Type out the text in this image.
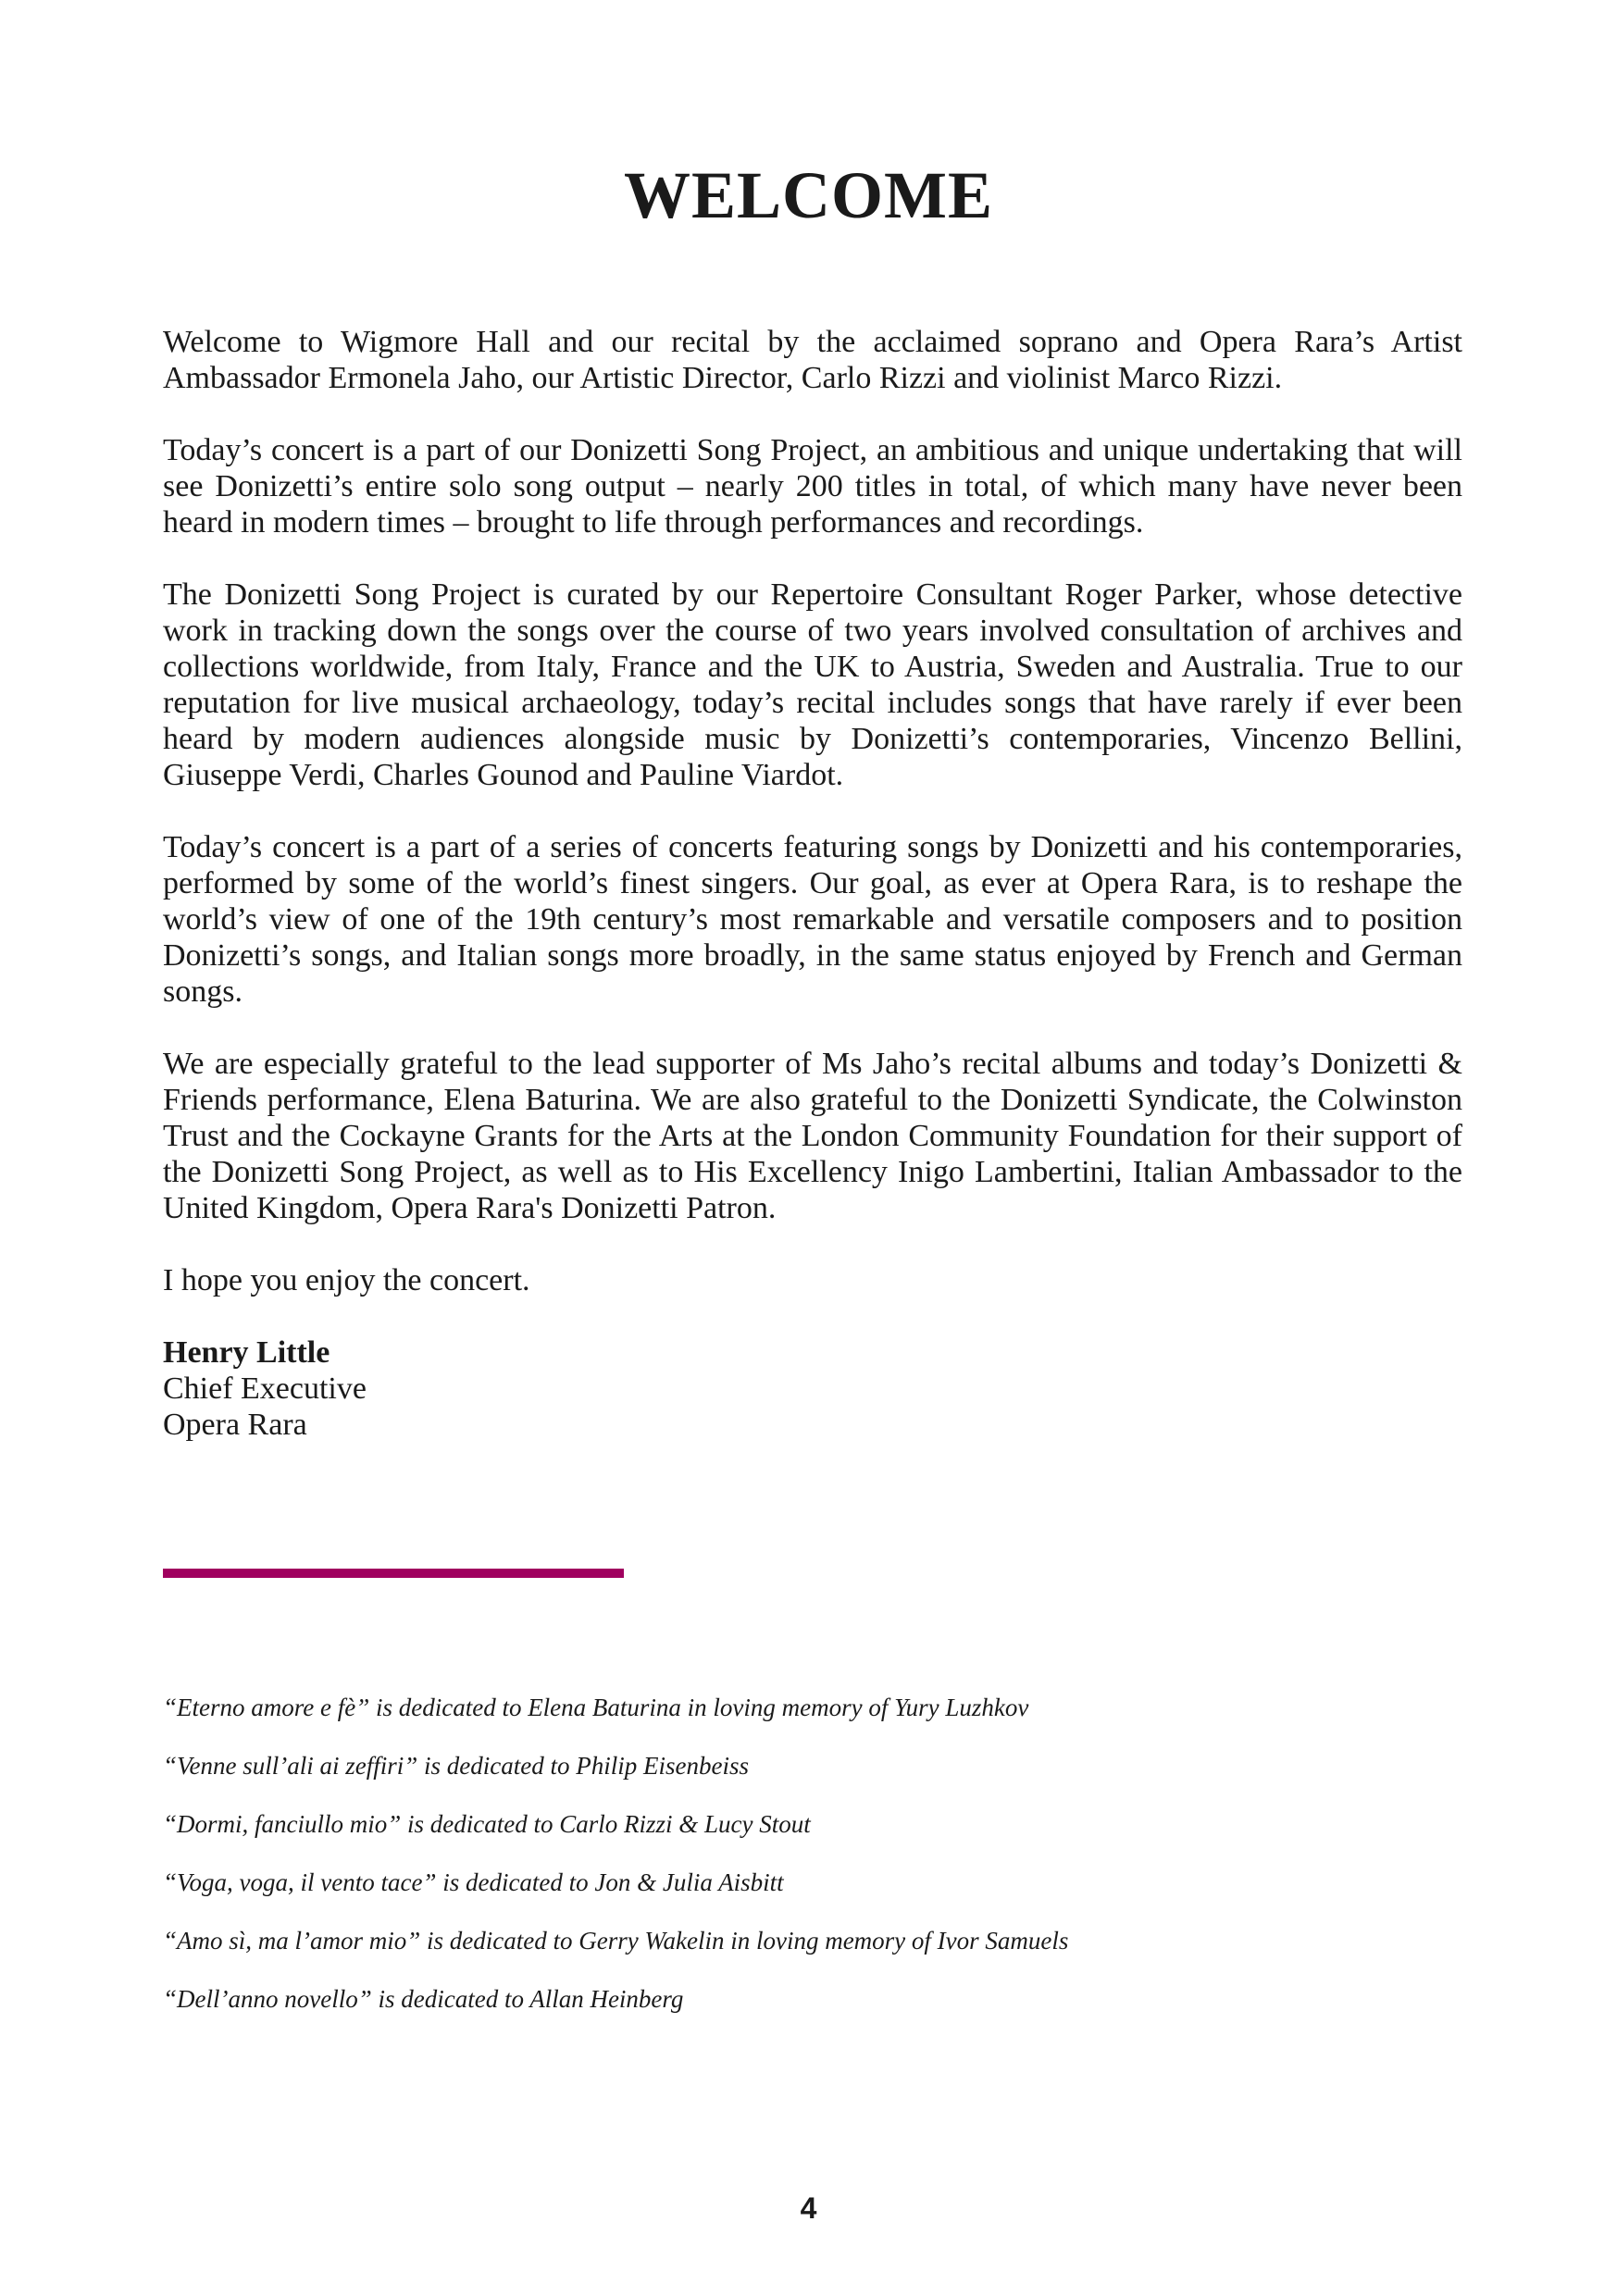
WELCOME

Welcome to Wigmore Hall and our recital by the acclaimed soprano and Opera Rara’s Artist Ambassador Ermonela Jaho, our Artistic Director, Carlo Rizzi and violinist Marco Rizzi.

Today’s concert is a part of our Donizetti Song Project, an ambitious and unique undertaking that will see Donizetti’s entire solo song output – nearly 200 titles in total, of which many have never been heard in modern times – brought to life through performances and recordings.

The Donizetti Song Project is curated by our Repertoire Consultant Roger Parker, whose detective work in tracking down the songs over the course of two years involved consultation of archives and collections worldwide, from Italy, France and the UK to Austria, Sweden and Australia. True to our reputation for live musical archaeology, today’s recital includes songs that have rarely if ever been heard by modern audiences alongside music by Donizetti’s contemporaries, Vincenzo Bellini, Giuseppe Verdi, Charles Gounod and Pauline Viardot.

Today’s concert is a part of a series of concerts featuring songs by Donizetti and his contemporaries, performed by some of the world’s finest singers. Our goal, as ever at Opera Rara, is to reshape the world’s view of one of the 19th century’s most remarkable and versatile composers and to position Donizetti’s songs, and Italian songs more broadly, in the same status enjoyed by French and German songs.

We are especially grateful to the lead supporter of Ms Jaho’s recital albums and today’s Donizetti & Friends performance, Elena Baturina. We are also grateful to the Donizetti Syndicate, the Colwinston Trust and the Cockayne Grants for the Arts at the London Community Foundation for their support of the Donizetti Song Project, as well as to His Excellency Inigo Lambertini, Italian Ambassador to the United Kingdom, Opera Rara's Donizetti Patron.

I hope you enjoy the concert.

Henry Little
Chief Executive
Opera Rara
“Eterno amore e fè” is dedicated to Elena Baturina in loving memory of Yury Luzhkov
“Venne sull’ali ai zeffiri” is dedicated to Philip Eisenbeiss
“Dormi, fanciullo mio” is dedicated to Carlo Rizzi & Lucy Stout
“Voga, voga, il vento tace” is dedicated to Jon & Julia Aisbitt
“Amo sì, ma l’amor mio” is dedicated to Gerry Wakelin in loving memory of Ivor Samuels
“Dell’anno novello” is dedicated to Allan Heinberg
4
